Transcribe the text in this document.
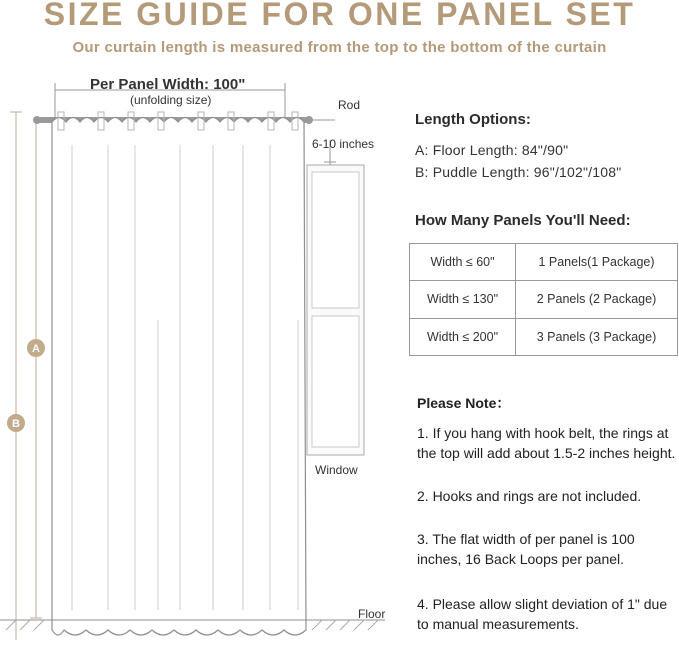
SIZE GUIDE FOR ONE PANEL SET
Our curtain length is measured from the top to the bottom of the curtain
A
B
Per Panel Width: 100"
(unfolding size)	Rod
6-10 inches
Window
Floor
Length Options:
A: Floor Length: 84"/90"
B: Puddle Length: 96"/102"/108"
How Many Panels You'll Need:
Width ≤ 60"	1 Panels(1 Package)
Width ≤ 130"	2 Panels (2 Package)
Width ≤ 200"	3 Panels (3 Package)
Please Note：
1. If you hang with hook belt, the rings at the top will add about 1.5-2 inches height.
2. Hooks and rings are not included.
3. The flat width of per panel is 100 inches, 16 Back Loops per panel.
4. Please allow slight deviation of 1" due to manual measurements.
